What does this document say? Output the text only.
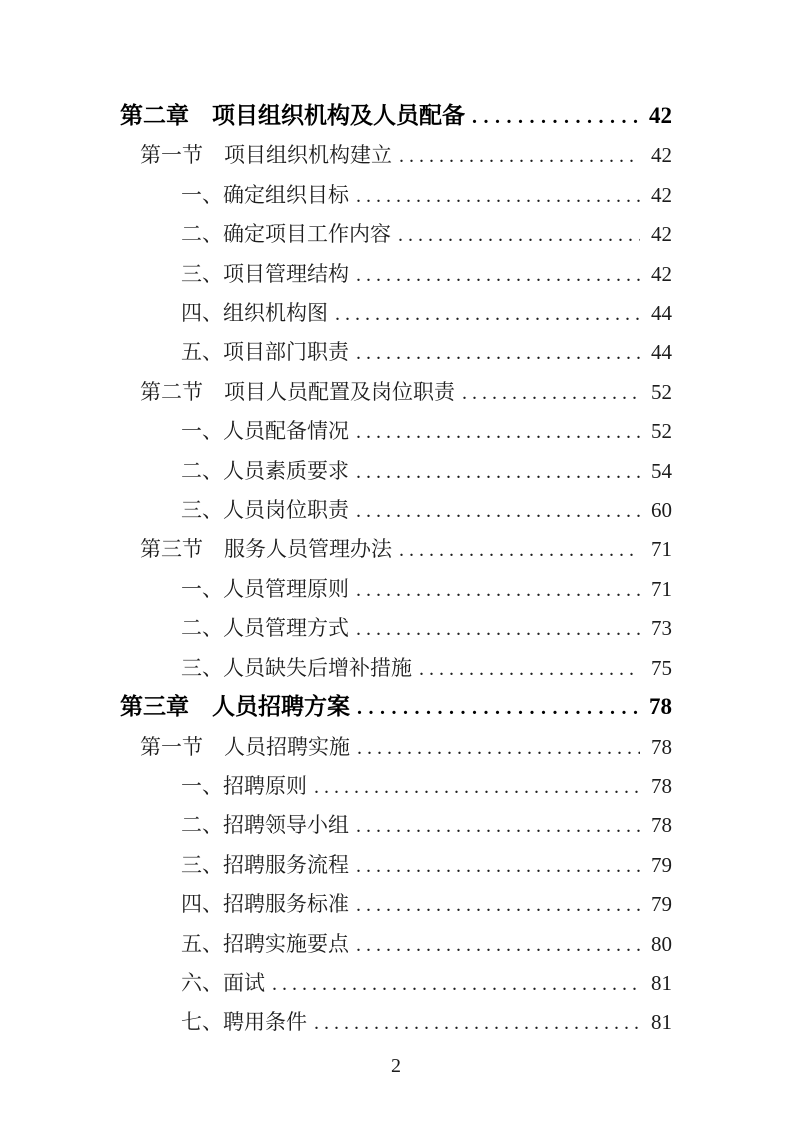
第二章　项目组织机构及人员配备 .....	42
第一节　项目组织机构建立 .....	42
一、确定组织目标 .....	42
二、确定项目工作内容 .....	42
三、项目管理结构 .....	42
四、组织机构图 .....	44
五、项目部门职责 .....	44
第二节　项目人员配置及岗位职责 .....	52
一、人员配备情况 .....	52
二、人员素质要求 .....	54
三、人员岗位职责 .....	60
第三节　服务人员管理办法 .....	71
一、人员管理原则 .....	71
二、人员管理方式 .....	73
三、人员缺失后增补措施 .....	75
第三章　人员招聘方案 .....	78
第一节　人员招聘实施 .....	78
一、招聘原则 .....	78
二、招聘领导小组 .....	78
三、招聘服务流程 .....	79
四、招聘服务标准 .....	79
五、招聘实施要点 .....	80
六、面试 .....	81
七、聘用条件 .....	81
2
